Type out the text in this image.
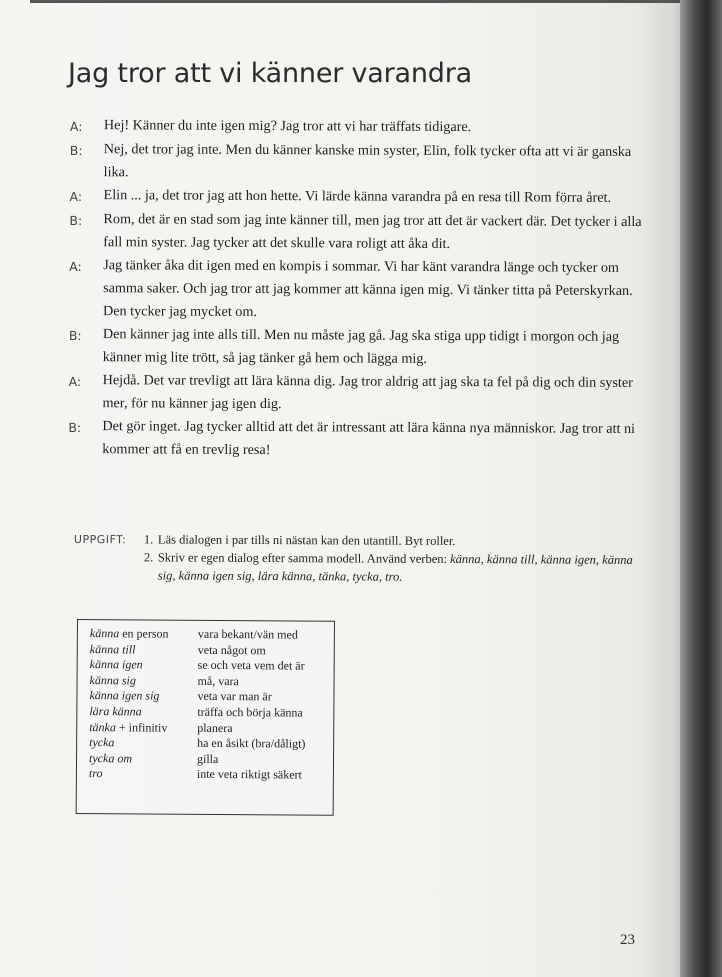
Jag tror att vi känner varandra
A:	Hej! Känner du inte igen mig? Jag tror att vi har träffats tidigare.
B:	Nej, det tror jag inte. Men du känner kanske min syster, Elin, folk tycker ofta att vi är ganska lika.
A:	Elin ... ja, det tror jag att hon hette. Vi lärde känna varandra på en resa till Rom förra året.
B:	Rom, det är en stad som jag inte känner till, men jag tror att det är vackert där. Det tycker i alla fall min syster. Jag tycker att det skulle vara roligt att åka dit.
A:	Jag tänker åka dit igen med en kompis i sommar. Vi har känt varandra länge och tycker om samma saker. Och jag tror att jag kommer att känna igen mig. Vi tänker titta på Peterskyrkan. Den tycker jag mycket om.
B:	Den känner jag inte alls till. Men nu måste jag gå. Jag ska stiga upp tidigt i morgon och jag känner mig lite trött, så jag tänker gå hem och lägga mig.
A:	Hejdå. Det var trevligt att lära känna dig. Jag tror aldrig att jag ska ta fel på dig och din syster mer, för nu känner jag igen dig.
B:	Det gör inget. Jag tycker alltid att det är intressant att lära känna nya människor. Jag tror att ni kommer att få en trevlig resa!
UPPGIFT:	1. Läs dialogen i par tills ni nästan kan den utantill. Byt roller.
2. Skriv er egen dialog efter samma modell. Använd verben: känna, känna till, känna igen, känna sig, känna igen sig, lära känna, tänka, tycka, tro.
känna en person	vara bekant/vän med
känna till	veta något om
känna igen	se och veta vem det är
känna sig	må, vara
känna igen sig	veta var man är
lära känna	träffa och börja känna
tänka + infinitiv	planera
tycka	ha en åsikt (bra/dåligt)
tycka om	gilla
tro	inte veta riktigt säkert
23
